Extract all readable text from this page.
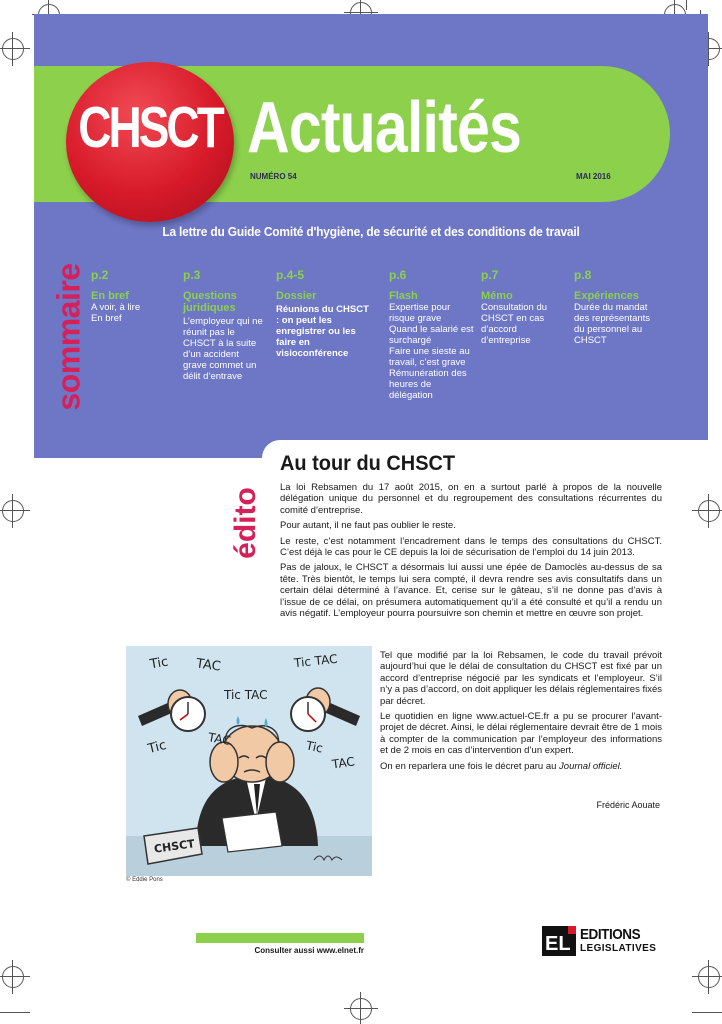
CHSCT Actualités
NUMÉRO 54	MAI 2016
La lettre du Guide Comité d'hygiène, de sécurité et des conditions de travail
sommaire p.2
En bref
A voir, à lire
En bref
p.3
Questions juridiques
L’employeur qui ne réunit pas le CHSCT à la suite d’un accident grave commet un délit d’entrave
p.4-5
Dossier
Réunions du CHSCT : on peut les enregistrer ou les faire en visioconférence
p.6
Flash
Expertise pour risque grave
Quand le salarié est surchargé
Faire une sieste au travail, c’est grave
Rémunération des heures de délégation
p.7
Mémo
Consultation du CHSCT en cas d’accord d’entreprise
p.8
Expériences
Durée du mandat des représentants du personnel au CHSCT
édito
Au tour du CHSCT

La loi Rebsamen du 17 août 2015, on en a surtout parlé à propos de la nouvelle délégation unique du personnel et du regroupement des consultations récurrentes du comité d’entreprise.

Pour autant, il ne faut pas oublier le reste.

Le reste, c’est notamment l’encadrement dans le temps des consultations du CHSCT. C’est déjà le cas pour le CE depuis la loi de sécurisation de l’emploi du 14 juin 2013.

Pas de jaloux, le CHSCT a désormais lui aussi une épée de Damoclès au-dessus de sa tête. Très bientôt, le temps lui sera compté, il devra rendre ses avis consultatifs dans un certain délai déterminé à l’avance. Et, cerise sur le gâteau, s’il ne donne pas d’avis à l’issue de ce délai, on présumera automatiquement qu’il a été consulté et qu’il a rendu un avis négatif. L’employeur pourra poursuivre son chemin et mettre en œuvre son projet.

Tel que modifié par la loi Rebsamen, le code du travail prévoit aujourd’hui que le délai de consultation du CHSCT est fixé par un accord d’entreprise négocié par les syndicats et l’employeur. S’il n’y a pas d’accord, on doit appliquer les délais réglementaires fixés par décret.

Le quotidien en ligne www.actuel-CE.fr a pu se procurer l’avant-projet de décret. Ainsi, le délai réglementaire devrait être de 1 mois à compter de la communication par l’employeur des informations et de 2 mois en cas d’intervention d’un expert.

On en reparlera une fois le décret paru au Journal officiel.

Frédéric Aouate
Tic TAC
Tic TAC
Tic TAC
Tic	TAC	Tic
TAC
CHSCT
© Eddie Pons
Consulter aussi www.elnet.fr	EL EDITIONS
LEGISLATIVES
